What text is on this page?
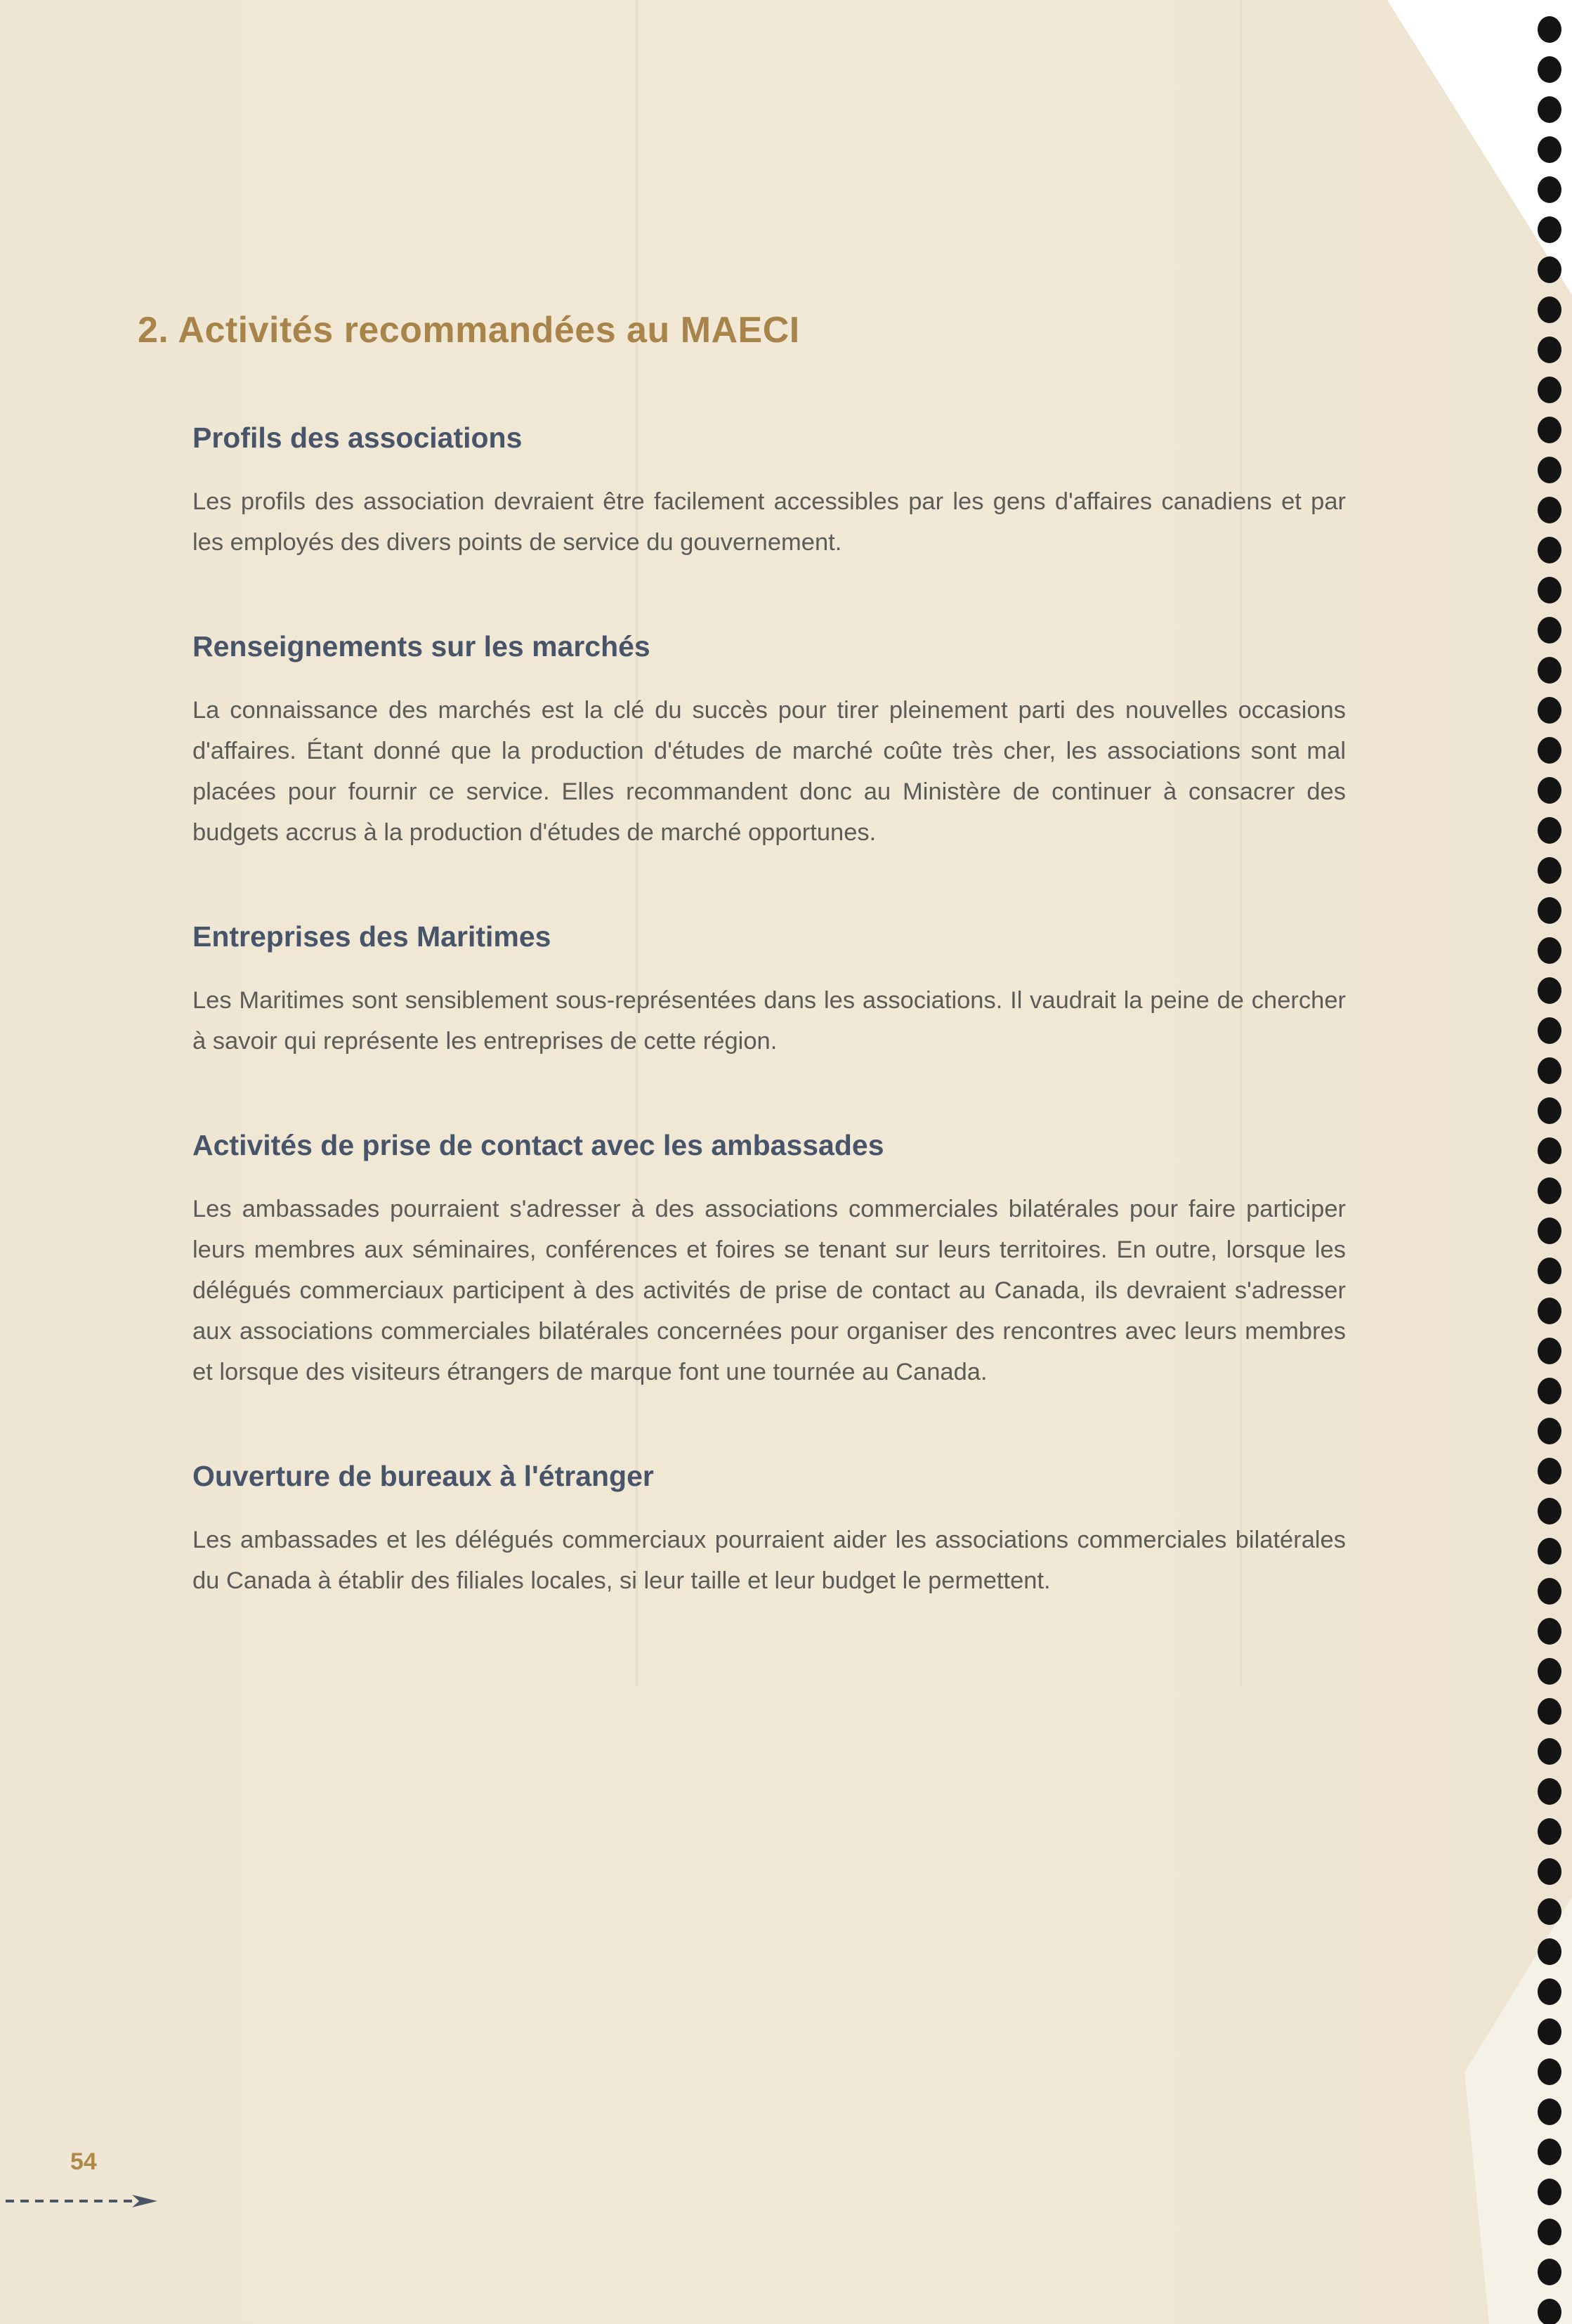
2. Activités recommandées au MAECI
Profils des associations

Les profils des association devraient être facilement accessibles par les gens d'affaires canadiens et par les employés des divers points de service du gouvernement.

Renseignements sur les marchés

La connaissance des marchés est la clé du succès pour tirer pleinement parti des nouvelles occasions d'affaires. Étant donné que la production d'études de marché coûte très cher, les associations sont mal placées pour fournir ce service. Elles recommandent donc au Ministère de continuer à consacrer des budgets accrus à la production d'études de marché opportunes.

Entreprises des Maritimes

Les Maritimes sont sensiblement sous-représentées dans les associations. Il vaudrait la peine de chercher à savoir qui représente les entreprises de cette région.

Activités de prise de contact avec les ambassades

Les ambassades pourraient s'adresser à des associations commerciales bilatérales pour faire participer leurs membres aux séminaires, conférences et foires se tenant sur leurs territoires. En outre, lorsque les délégués commerciaux participent à des activités de prise de contact au Canada, ils devraient s'adresser aux associations commerciales bilatérales concernées pour organiser des rencontres avec leurs membres et lorsque des visiteurs étrangers de marque font une tournée au Canada.

Ouverture de bureaux à l'étranger

Les ambassades et les délégués commerciaux pourraient aider les associations commerciales bilatérales du Canada à établir des filiales locales, si leur taille et leur budget le permettent.

54
